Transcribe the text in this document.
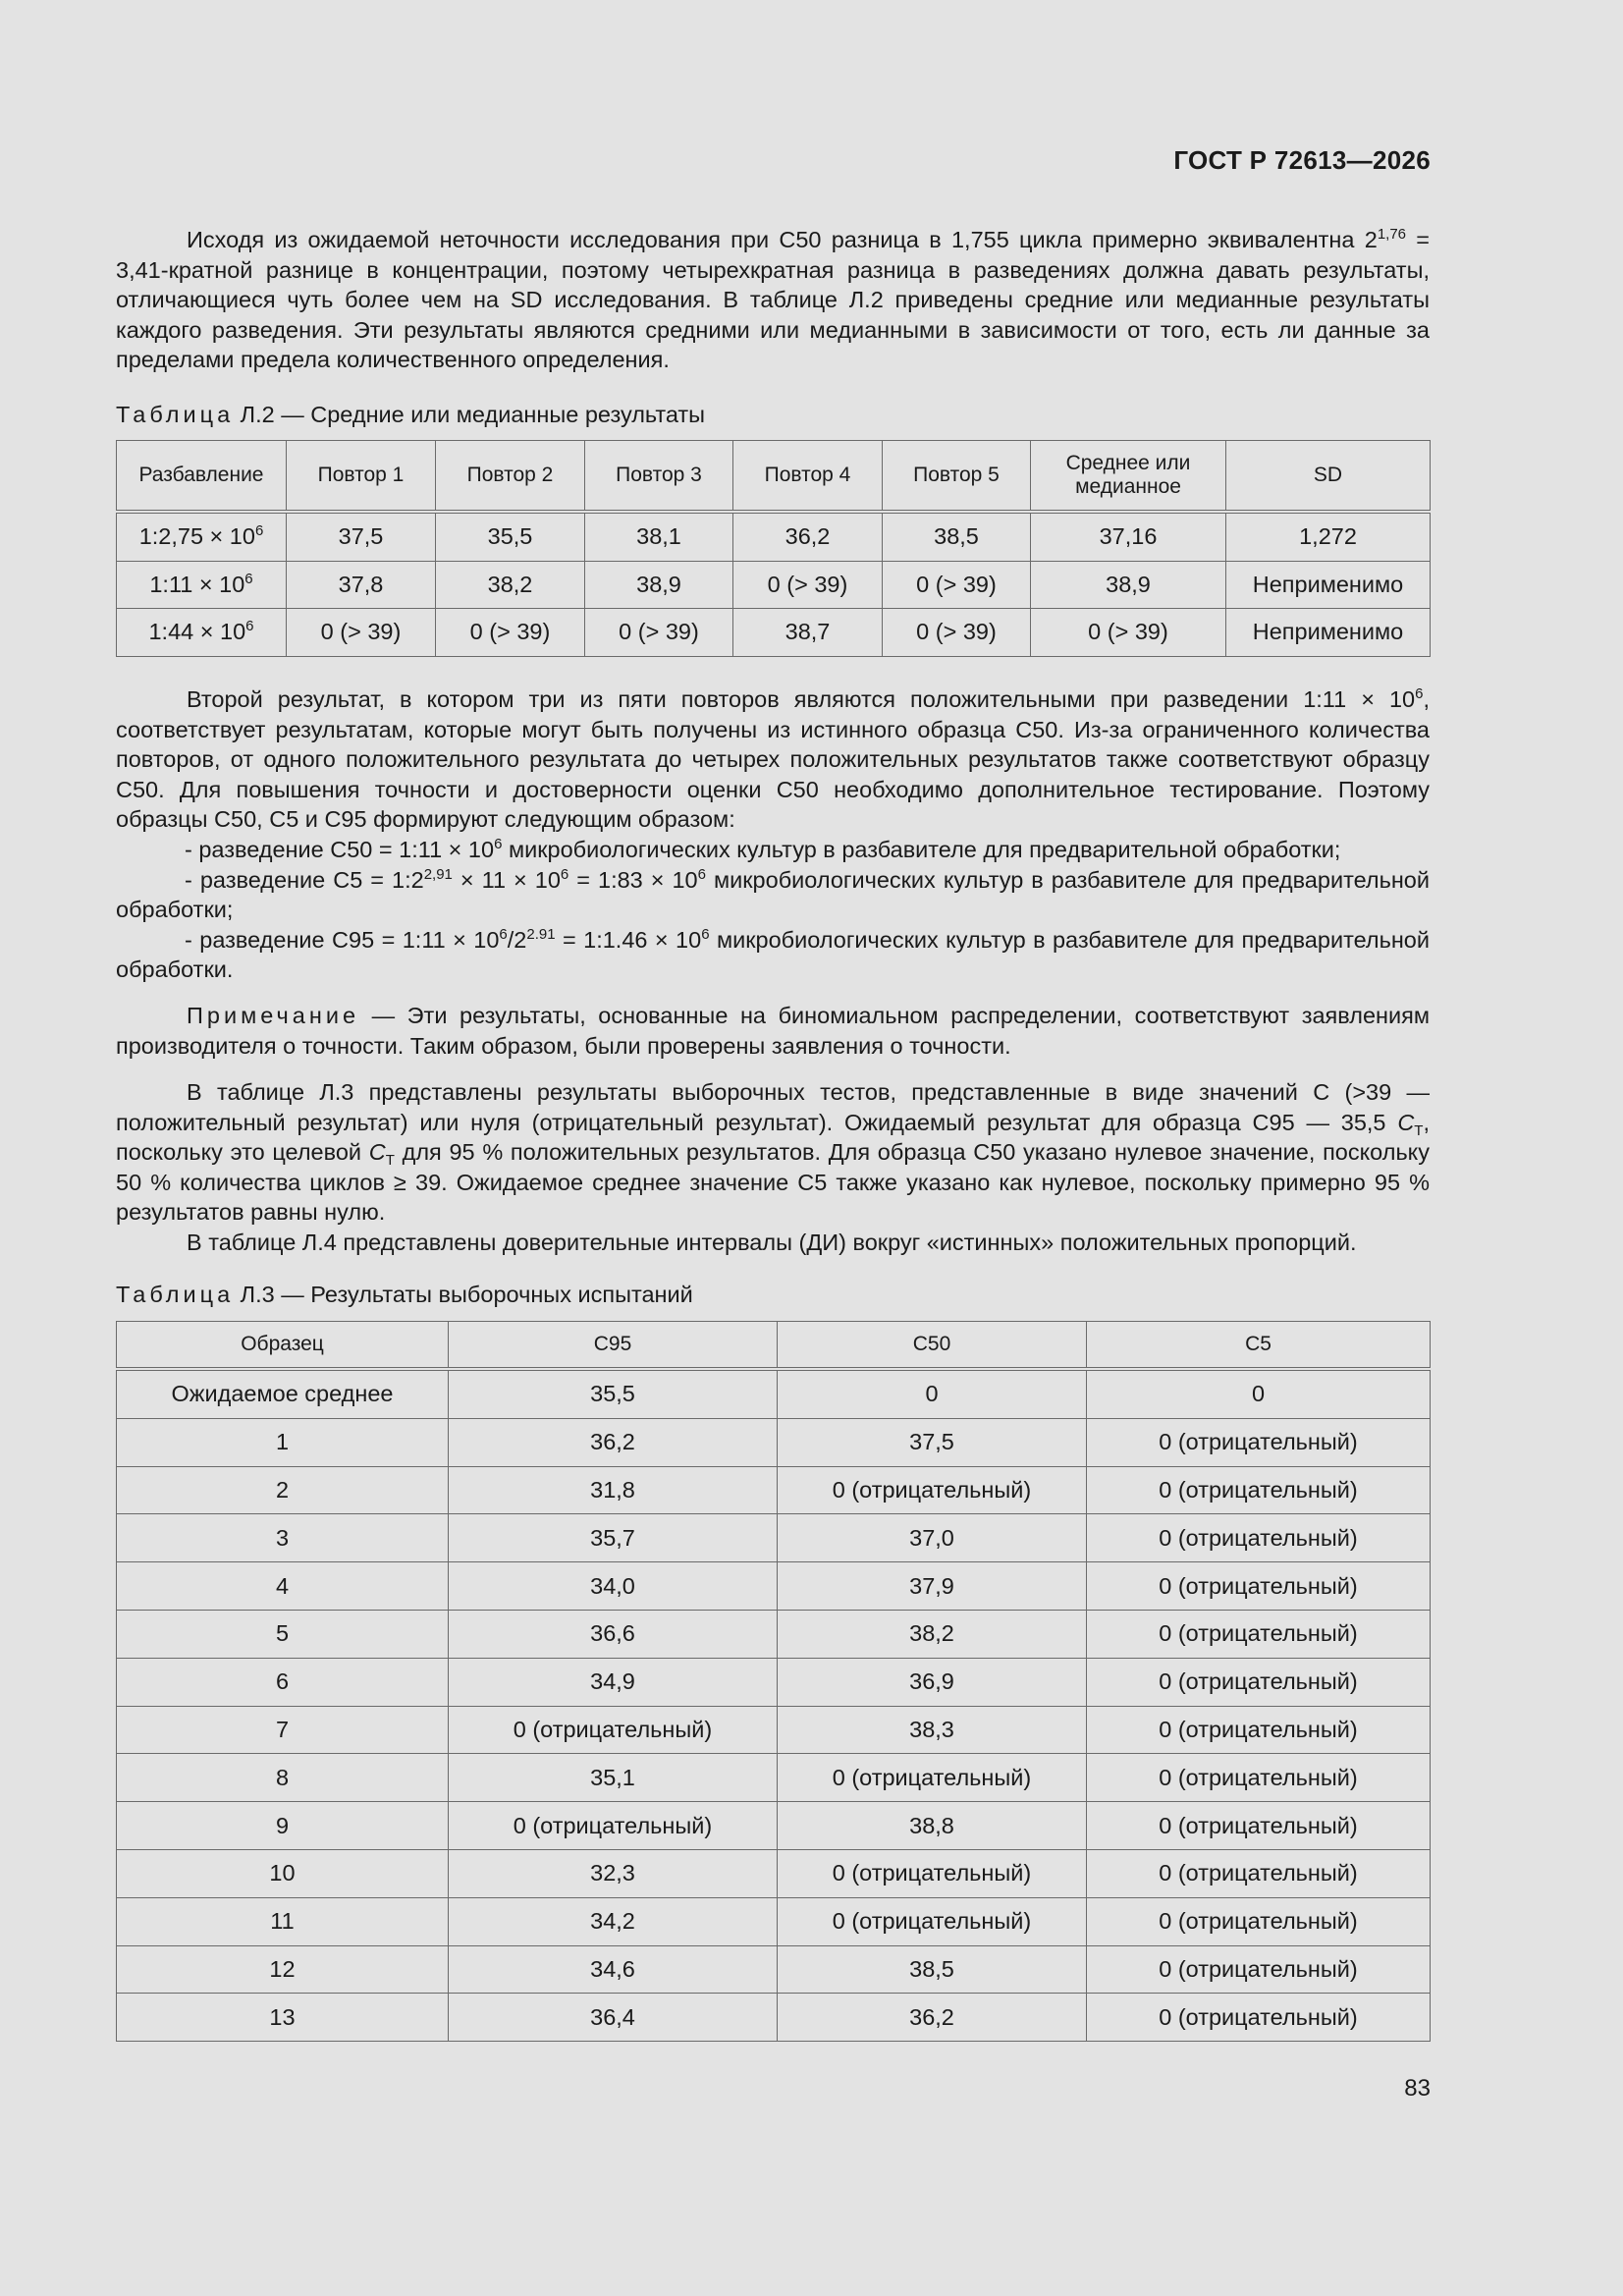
ГОСТ Р 72613—2026

Исходя из ожидаемой неточности исследования при C50 разница в 1,755 цикла примерно эквивалентна $2^{1,76}$ = 3,41-кратной разнице в концентрации, поэтому четырехкратная разница в разведениях должна давать результаты, отличающиеся чуть более чем на SD исследования. В таблице Л.2 приведены средние или медианные результаты каждого разведения. Эти результаты являются средними или медианными в зависимости от того, есть ли данные за пределами предела количественного определения.

Таблица Л.2 — Средние или медианные результаты
Разбавление	Повтор 1	Повтор 2	Повтор 3	Повтор 4	Повтор 5	Среднее или медианное	SD
1:2,75 × $10^6$	37,5	35,5	38,1	36,2	38,5	37,16	1,272
1:11 × $10^6$	37,8	38,2	38,9	0 (> 39)	0 (> 39)	38,9	Неприменимо
1:44 × $10^6$	0 (> 39)	0 (> 39)	0 (> 39)	38,7	0 (> 39)	0 (> 39)	Неприменимо

Второй результат, в котором три из пяти повторов являются положительными при разведении 1:11 × $10^6$, соответствует результатам, которые могут быть получены из истинного образца C50. Из-за ограниченного количества повторов, от одного положительного результата до четырех положительных результатов также соответствуют образцу C50. Для повышения точности и достоверности оценки C50 необходимо дополнительное тестирование. Поэтому образцы C50, C5 и C95 формируют следующим образом:

- разведение C50 = 1:11 × $10^6$ микробиологических культур в разбавителе для предварительной обработки;

- разведение $C5 = 1:2^{2,91} \times 11 \times 10^6$ = 1:83 × $10^6$ микробиологических культур в разбавителе для предварительной обработки;

- разведение C95 = 1:11 × $10^6/2^{2.91}$ = 1:1.46 × $10^6$ микробиологических культур в разбавителе для предварительной обработки.

Примечание — Эти результаты, основанные на биномиальном распределении, соответствуют заявлениям производителя о точности. Таким образом, были проверены заявления о точности.

В таблице Л.3 представлены результаты выборочных тестов, представленные в виде значений C (>39 — положительный результат) или нуля (отрицательный результат). Ожидаемый результат для образца C95 — 35,5 $C_T$, поскольку это целевой $C_T$ для 95 % положительных результатов. Для образца C50 указано нулевое значение, поскольку 50 % количества циклов ≥ 39. Ожидаемое среднее значение C5 также указано как нулевое, поскольку примерно 95 % результатов равны нулю.

В таблице Л.4 представлены доверительные интервалы (ДИ) вокруг «истинных» положительных пропорций.

Таблица Л.3 — Результаты выборочных испытаний
Образец	C95	C50	C5
Ожидаемое среднее	35,5	0	0
1	36,2	37,5	0 (отрицательный)
2	31,8	0 (отрицательный)	0 (отрицательный)
3	35,7	37,0	0 (отрицательный)
4	34,0	37,9	0 (отрицательный)
5	36,6	38,2	0 (отрицательный)
6	34,9	36,9	0 (отрицательный)
7	0 (отрицательный)	38,3	0 (отрицательный)
8	35,1	0 (отрицательный)	0 (отрицательный)
9	0 (отрицательный)	38,8	0 (отрицательный)
10	32,3	0 (отрицательный)	0 (отрицательный)
11	34,2	0 (отрицательный)	0 (отрицательный)
12	34,6	38,5	0 (отрицательный)
13	36,4	36,2	0 (отрицательный)
83
